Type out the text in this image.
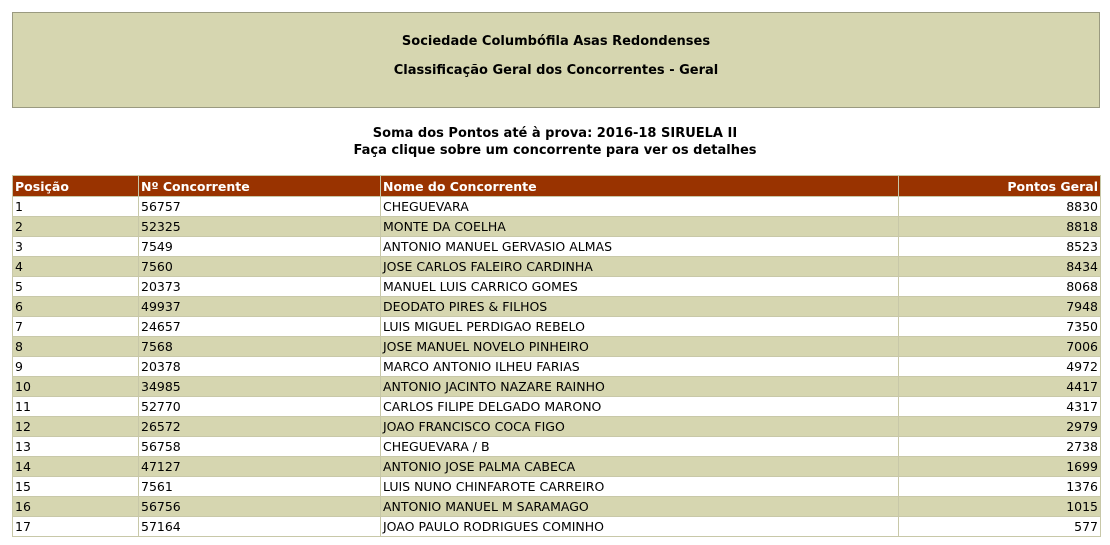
Sociedade Columbófila Asas Redondenses
Classificação Geral dos Concorrentes - Geral
Soma dos Pontos até à prova: 2016-18 SIRUELA II
Faça clique sobre um concorrente para ver os detalhes
Posição	Nº Concorrente	Nome do Concorrente	Pontos Geral
1	56757	CHEGUEVARA	8830
2	52325	MONTE DA COELHA	8818
3	7549	ANTONIO MANUEL GERVASIO ALMAS	8523
4	7560	JOSE CARLOS FALEIRO CARDINHA	8434
5	20373	MANUEL LUIS CARRICO GOMES	8068
6	49937	DEODATO PIRES & FILHOS	7948
7	24657	LUIS MIGUEL PERDIGAO REBELO	7350
8	7568	JOSE MANUEL NOVELO PINHEIRO	7006
9	20378	MARCO ANTONIO ILHEU FARIAS	4972
10	34985	ANTONIO JACINTO NAZARE RAINHO	4417
11	52770	CARLOS FILIPE DELGADO MARONO	4317
12	26572	JOAO FRANCISCO COCA FIGO	2979
13	56758	CHEGUEVARA / B	2738
14	47127	ANTONIO JOSE PALMA CABECA	1699
15	7561	LUIS NUNO CHINFAROTE CARREIRO	1376
16	56756	ANTONIO MANUEL M SARAMAGO	1015
17	57164	JOAO PAULO RODRIGUES COMINHO	577
